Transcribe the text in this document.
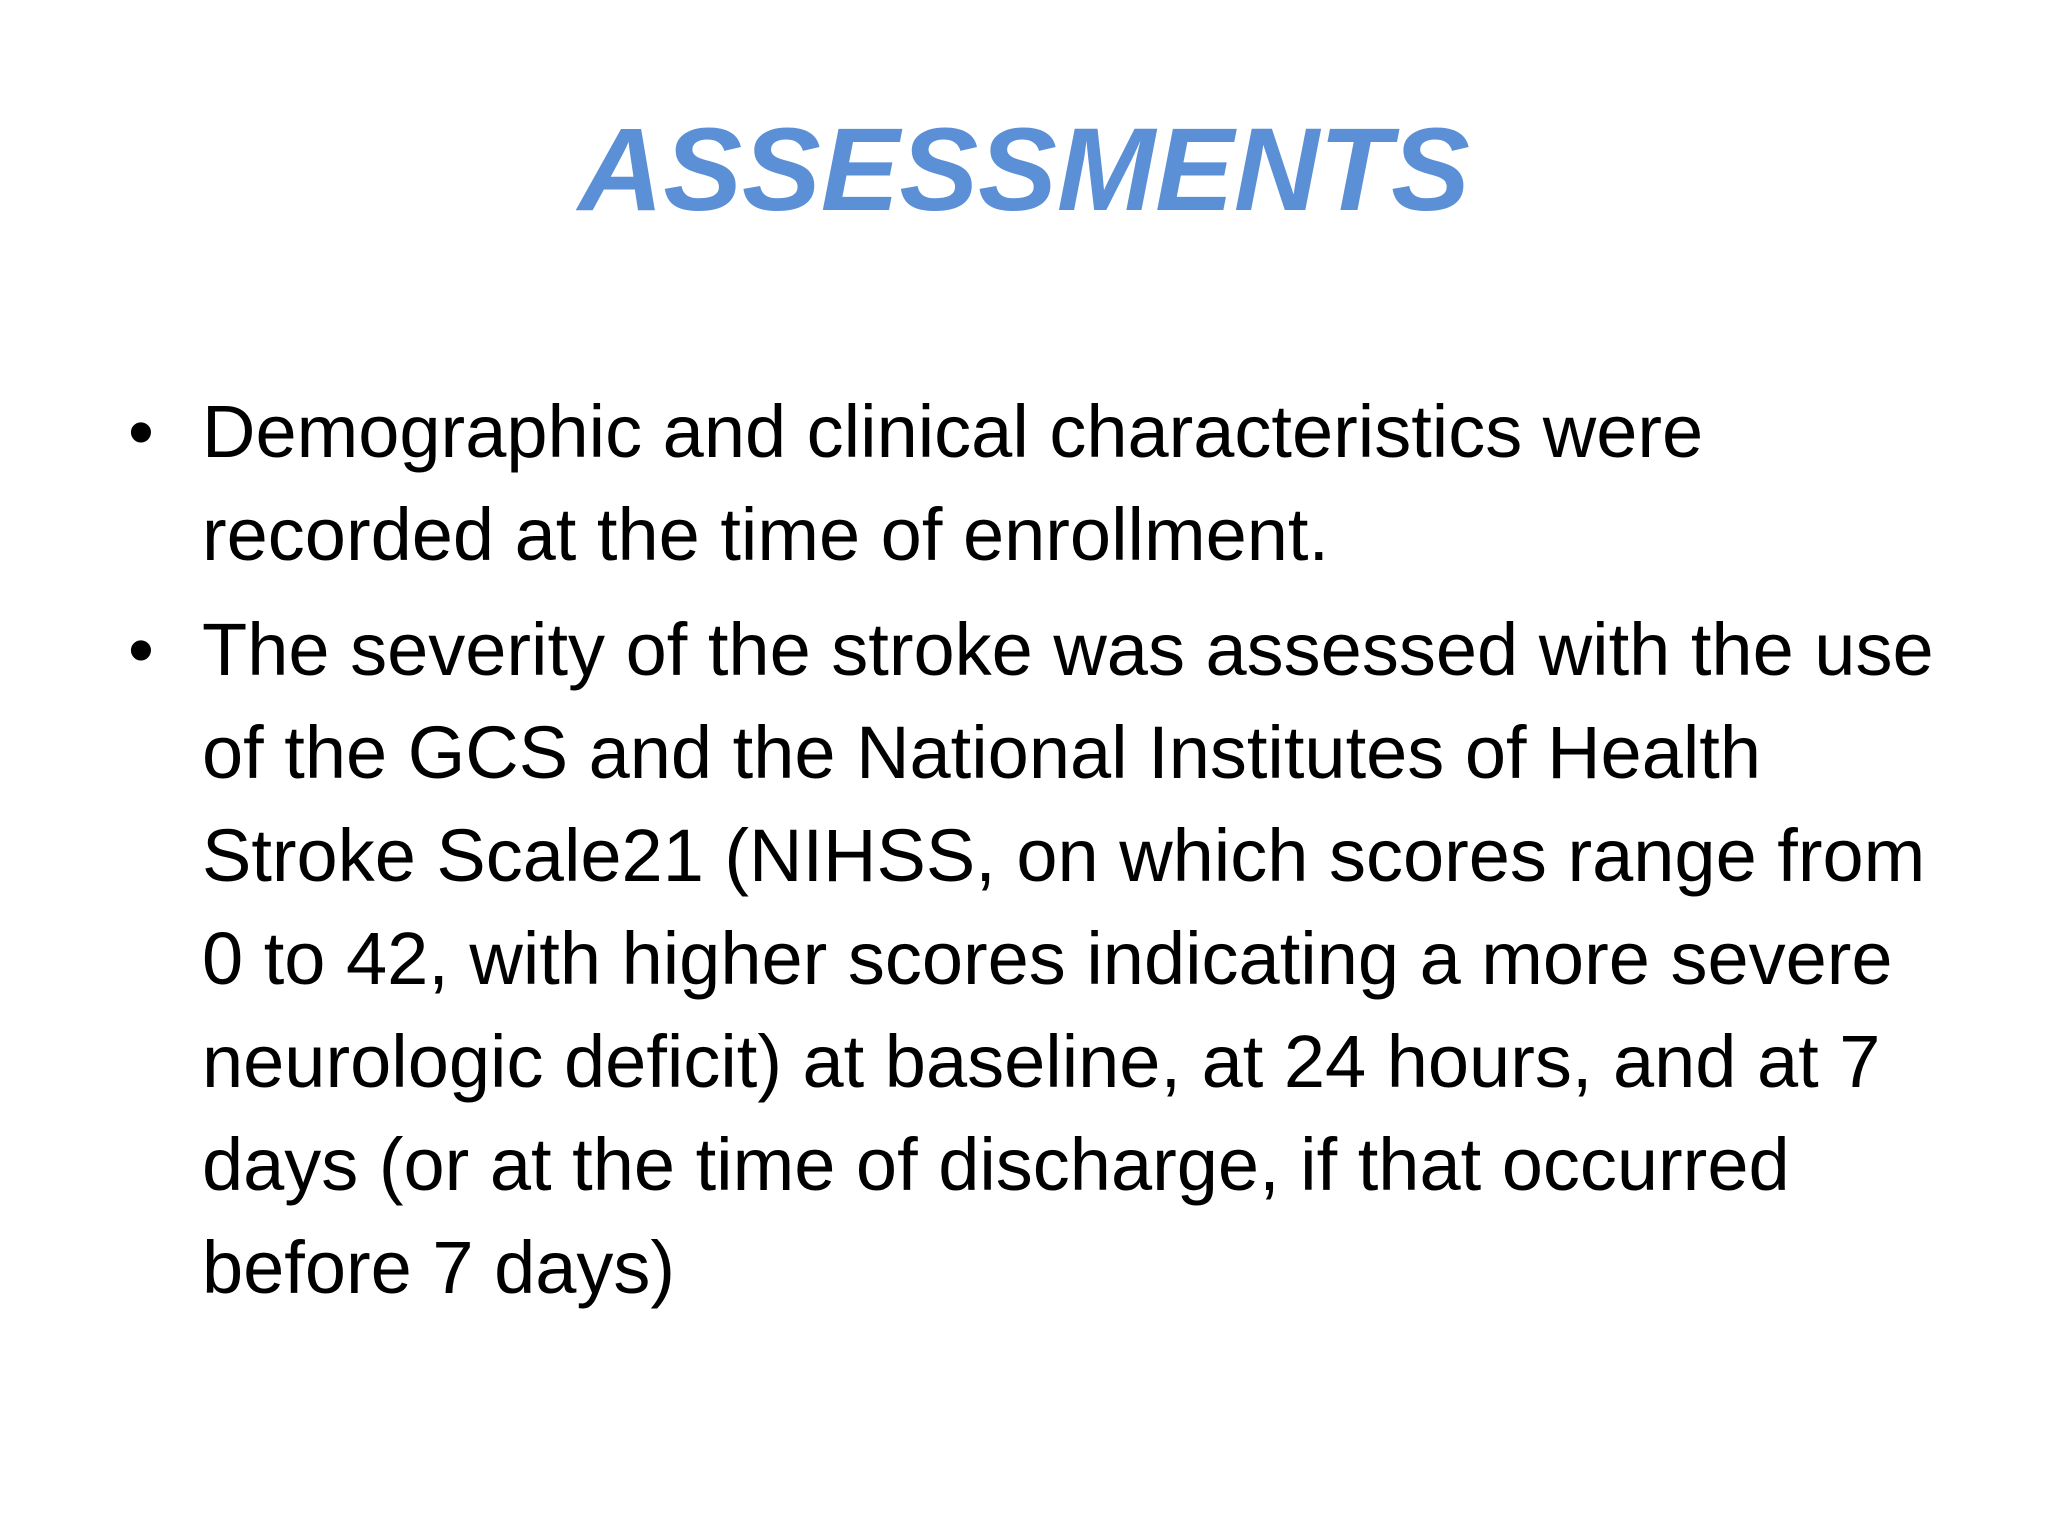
ASSESSMENTS
• Demographic and clinical characteristics were recorded at the time of enrollment.
• The severity of the stroke was assessed with the use of the GCS and the National Institutes of Health Stroke Scale21 (NIHSS, on which scores range from 0 to 42, with higher scores indicating a more severe neurologic deficit) at baseline, at 24 hours, and at 7 days (or at the time of discharge, if that occurred before 7 days)
